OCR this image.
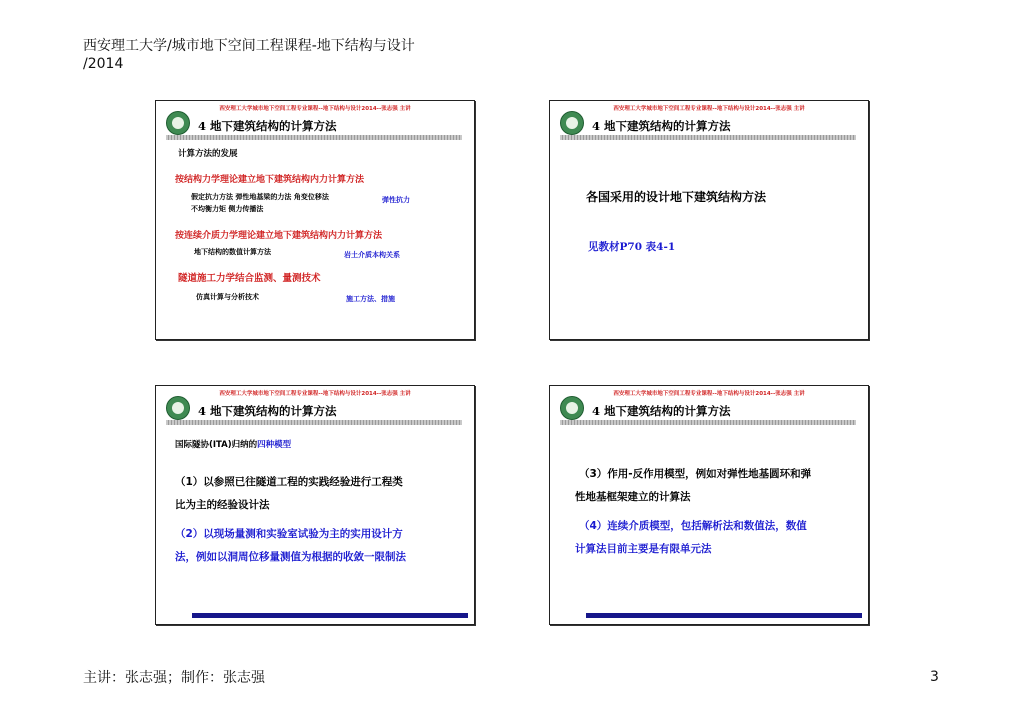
西安理工大学/城市地下空间工程课程-地下结构与设计
/2014
西安理工大学城市地下空间工程专业课程--地下结构与设计2014--张志强 主讲
4 地下建筑结构的计算方法
计算方法的发展
按结构力学理论建立地下建筑结构内力计算方法
假定抗力方法 弹性地基梁的力法 角变位移法	弹性抗力
不均衡力矩 侧力传播法
按连续介质力学理论建立地下建筑结构内力计算方法
地下结构的数值计算方法	岩土介质本构关系
隧道施工力学结合监测、量测技术
仿真计算与分析技术	施工方法、措施
西安理工大学城市地下空间工程专业课程--地下结构与设计2014--张志强 主讲
4 地下建筑结构的计算方法
各国采用的设计地下建筑结构方法
见教材P70 表4-1
西安理工大学城市地下空间工程专业课程--地下结构与设计2014--张志强 主讲
4 地下建筑结构的计算方法
国际隧协(ITA)归纳的四种模型
（1）以参照已往隧道工程的实践经验进行工程类
比为主的经验设计法
（2）以现场量测和实验室试验为主的实用设计方
法，例如以洞周位移量测值为根据的收敛一限制法
西安理工大学城市地下空间工程专业课程--地下结构与设计2014--张志强 主讲
4 地下建筑结构的计算方法
（3）作用-反作用模型，例如对弹性地基圆环和弹
性地基框架建立的计算法
（4）连续介质模型，包括解析法和数值法，数值
计算法目前主要是有限单元法
主讲：张志强；制作：张志强	3
